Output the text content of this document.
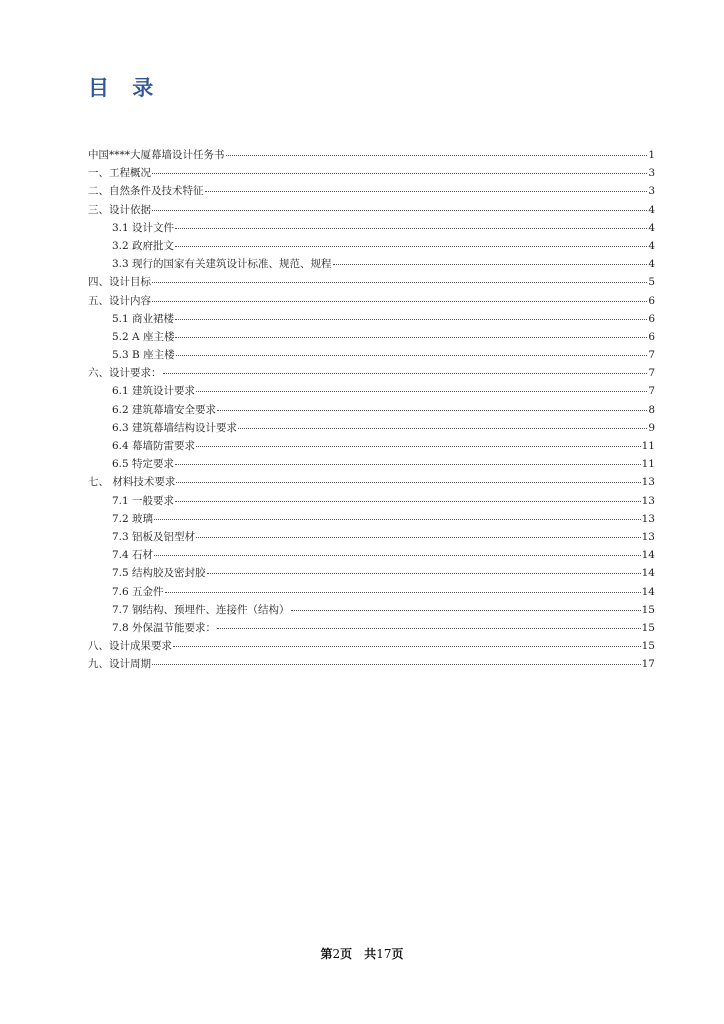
目 录
中国****大厦幕墙设计任务书	1
一、工程概况	3
二、自然条件及技术特征	3
三、设计依据	4
3.1 设计文件	4
3.2 政府批文	4
3.3 现行的国家有关建筑设计标准、规范、规程	4
四、设计目标	5
五、设计内容	6
5.1 商业裙楼	6
5.2 A 座主楼	6
5.3 B 座主楼	7
六、设计要求：	7
6.1 建筑设计要求	7
6.2 建筑幕墙安全要求	8
6.3 建筑幕墙结构设计要求	9
6.4 幕墙防雷要求	11
6.5 特定要求	11
七、 材料技术要求	13
7.1 一般要求	13
7.2 玻璃	13
7.3 铝板及铝型材	13
7.4 石材	14
7.5 结构胶及密封胶	14
7.6 五金件	14
7.7 钢结构、预埋件、连接件（结构）	15
7.8 外保温节能要求：	15
八、设计成果要求	15
九、设计周期	17
第2页 共17页
